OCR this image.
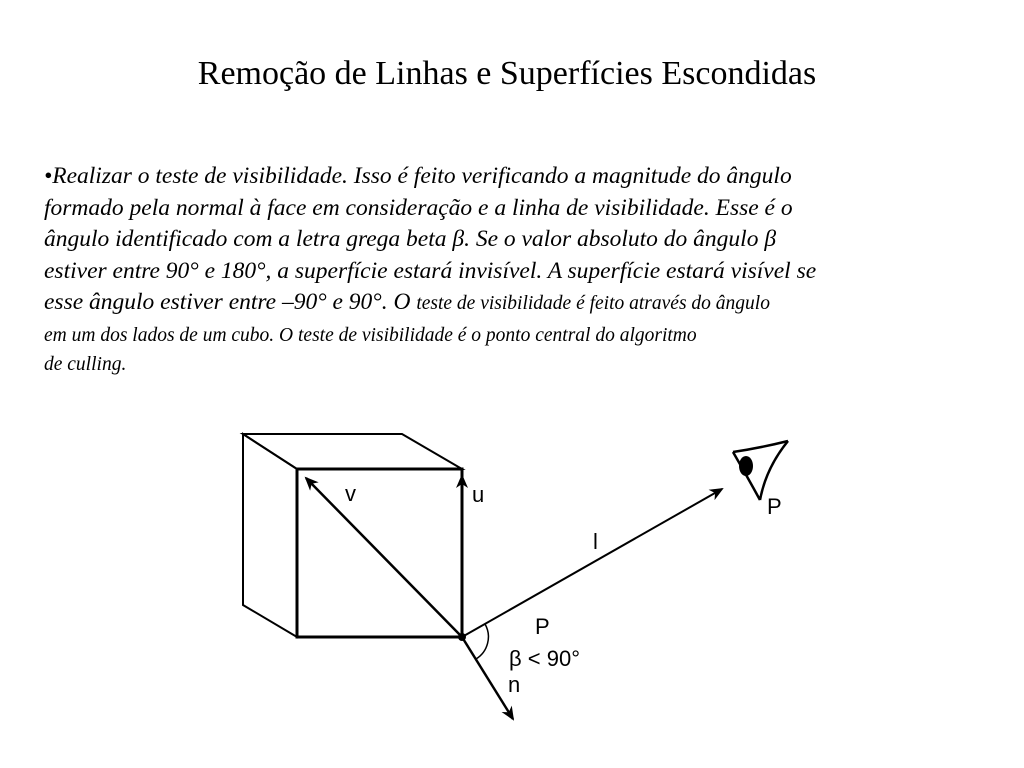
Remoção de Linhas e Superfícies Escondidas
•Realizar o teste de visibilidade. Isso é feito verificando a magnitude do ângulo
formado pela normal à face em consideração e a linha de visibilidade. Esse é o
ângulo identificado com a letra grega beta β. Se o valor absoluto do ângulo β
estiver entre 90° e 180°, a superfície estará invisível. A superfície estará visível se
esse ângulo estiver entre –90° e 90°. O teste de visibilidade é feito através do ângulo
em um dos lados de um cubo. O teste de visibilidade é o ponto central do algoritmo
de culling.
v	u
l
P
β < 90°
n
P
